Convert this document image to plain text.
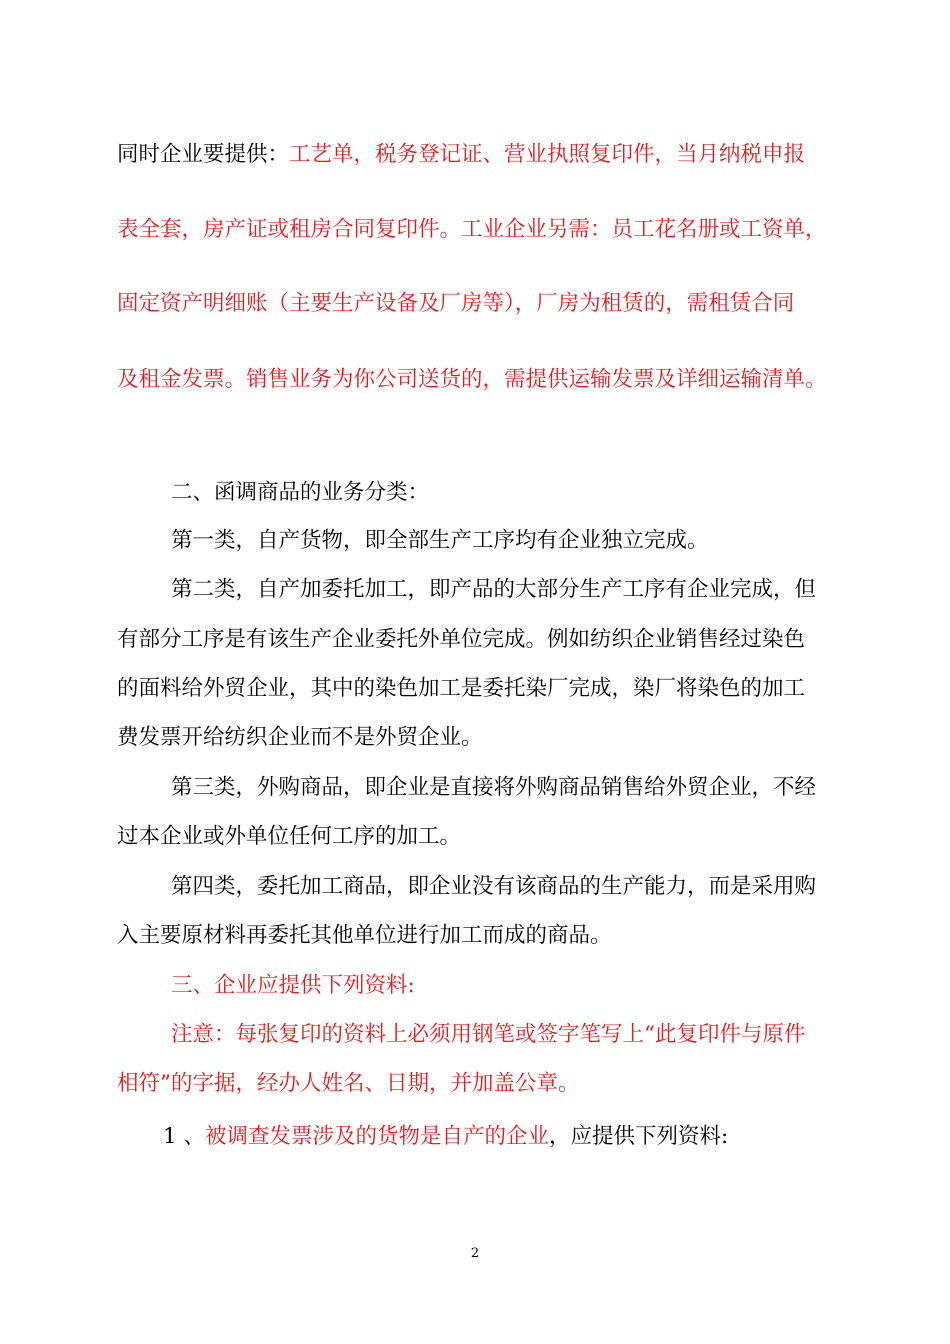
同时企业要提供：工艺单，税务登记证、营业执照复印件，当月纳税申报
表全套，房产证或租房合同复印件。工业企业另需：员工花名册或工资单，
固定资产明细账（主要生产设备及厂房等），厂房为租赁的，需租赁合同
及租金发票。销售业务为你公司送货的，需提供运输发票及详细运输清单。
二、函调商品的业务分类：
第一类，自产货物，即全部生产工序均有企业独立完成。
第二类，自产加委托加工，即产品的大部分生产工序有企业完成，但
有部分工序是有该生产企业委托外单位完成。例如纺织企业销售经过染色
的面料给外贸企业，其中的染色加工是委托染厂完成，染厂将染色的加工
费发票开给纺织企业而不是外贸企业。
第三类，外购商品，即企业是直接将外购商品销售给外贸企业，不经
过本企业或外单位任何工序的加工。
第四类，委托加工商品，即企业没有该商品的生产能力，而是采用购
入主要原材料再委托其他单位进行加工而成的商品。
三、企业应提供下列资料:
注意：每张复印的资料上必须用钢笔或签字笔写上“此复印件与原件
相符”的字据，经办人姓名、日期，并加盖公章。
1 、被调查发票涉及的货物是自产的企业，应提供下列资料:
2
